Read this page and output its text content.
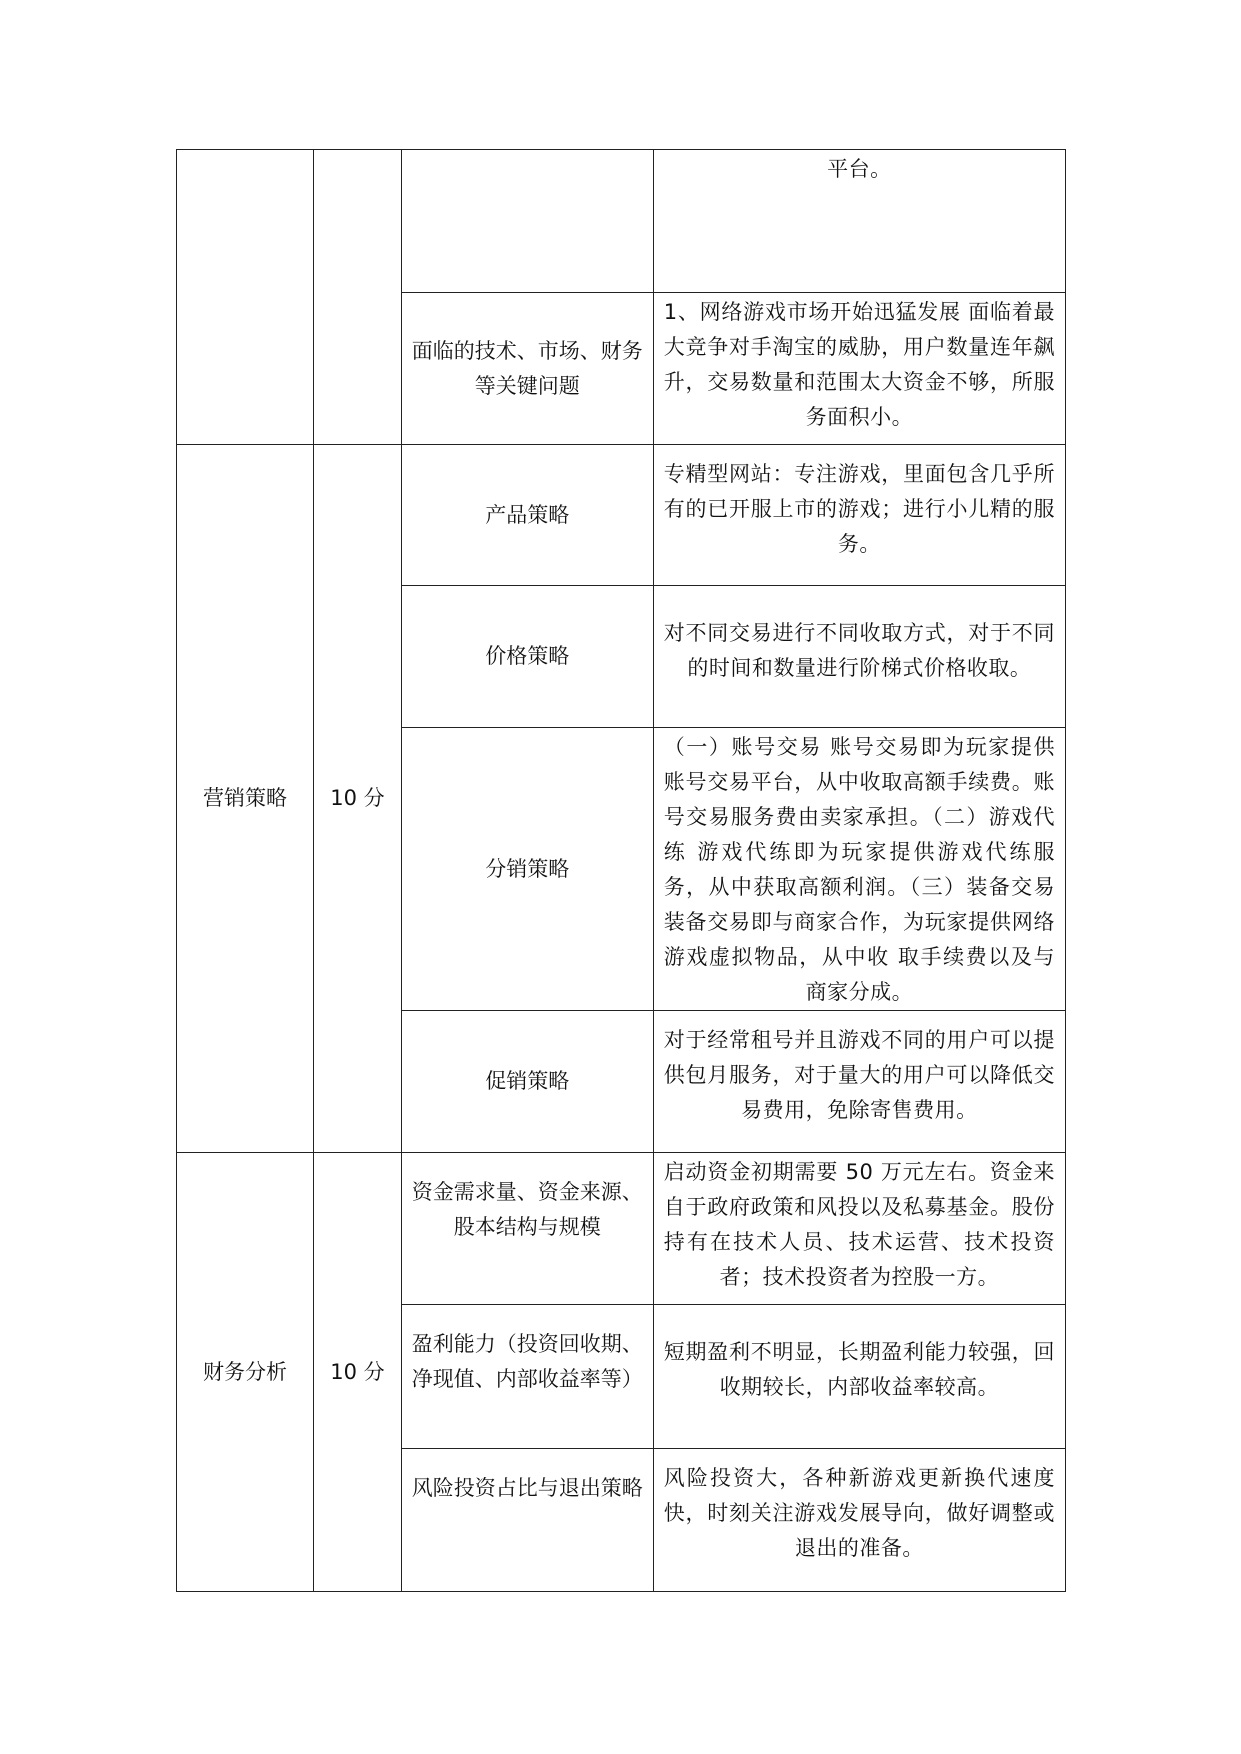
			平台。

		面临的技术、市场、财务等关键问题	1、网络游戏市场开始迅猛发展 面临着最大竞争对手淘宝的威胁，用户数量连年飙升，交易数量和范围太大资金不够，所服务面积小。

营销策略	10 分	产品策略	专精型网站：专注游戏，里面包含几乎所有的已开服上市的游戏；进行小儿精的服务。

		价格策略	对不同交易进行不同收取方式，对于不同的时间和数量进行阶梯式价格收取。

		分销策略	（一）账号交易 账号交易即为玩家提供账号交易平台，从中收取高额手续费。账号交易服务费由卖家承担。（二）游戏代练 游戏代练即为玩家提供游戏代练服务，从中获取高额利润。（三）装备交易 装备交易即与商家合作，为玩家提供网络游戏虚拟物品，从中收 取手续费以及与商家分成。

		促销策略	对于经常租号并且游戏不同的用户可以提供包月服务，对于量大的用户可以降低交易费用，免除寄售费用。

财务分析	10 分	资金需求量、资金来源、股本结构与规模	启动资金初期需要 50 万元左右。资金来自于政府政策和风投以及私募基金。股份持有在技术人员、技术运营、技术投资者；技术投资者为控股一方。

		盈利能力（投资回收期、净现值、内部收益率等）	短期盈利不明显，长期盈利能力较强，回收期较长，内部收益率较高。

		风险投资占比与退出策略	风险投资大，各种新游戏更新换代速度快，时刻关注游戏发展导向，做好调整或退出的准备。
